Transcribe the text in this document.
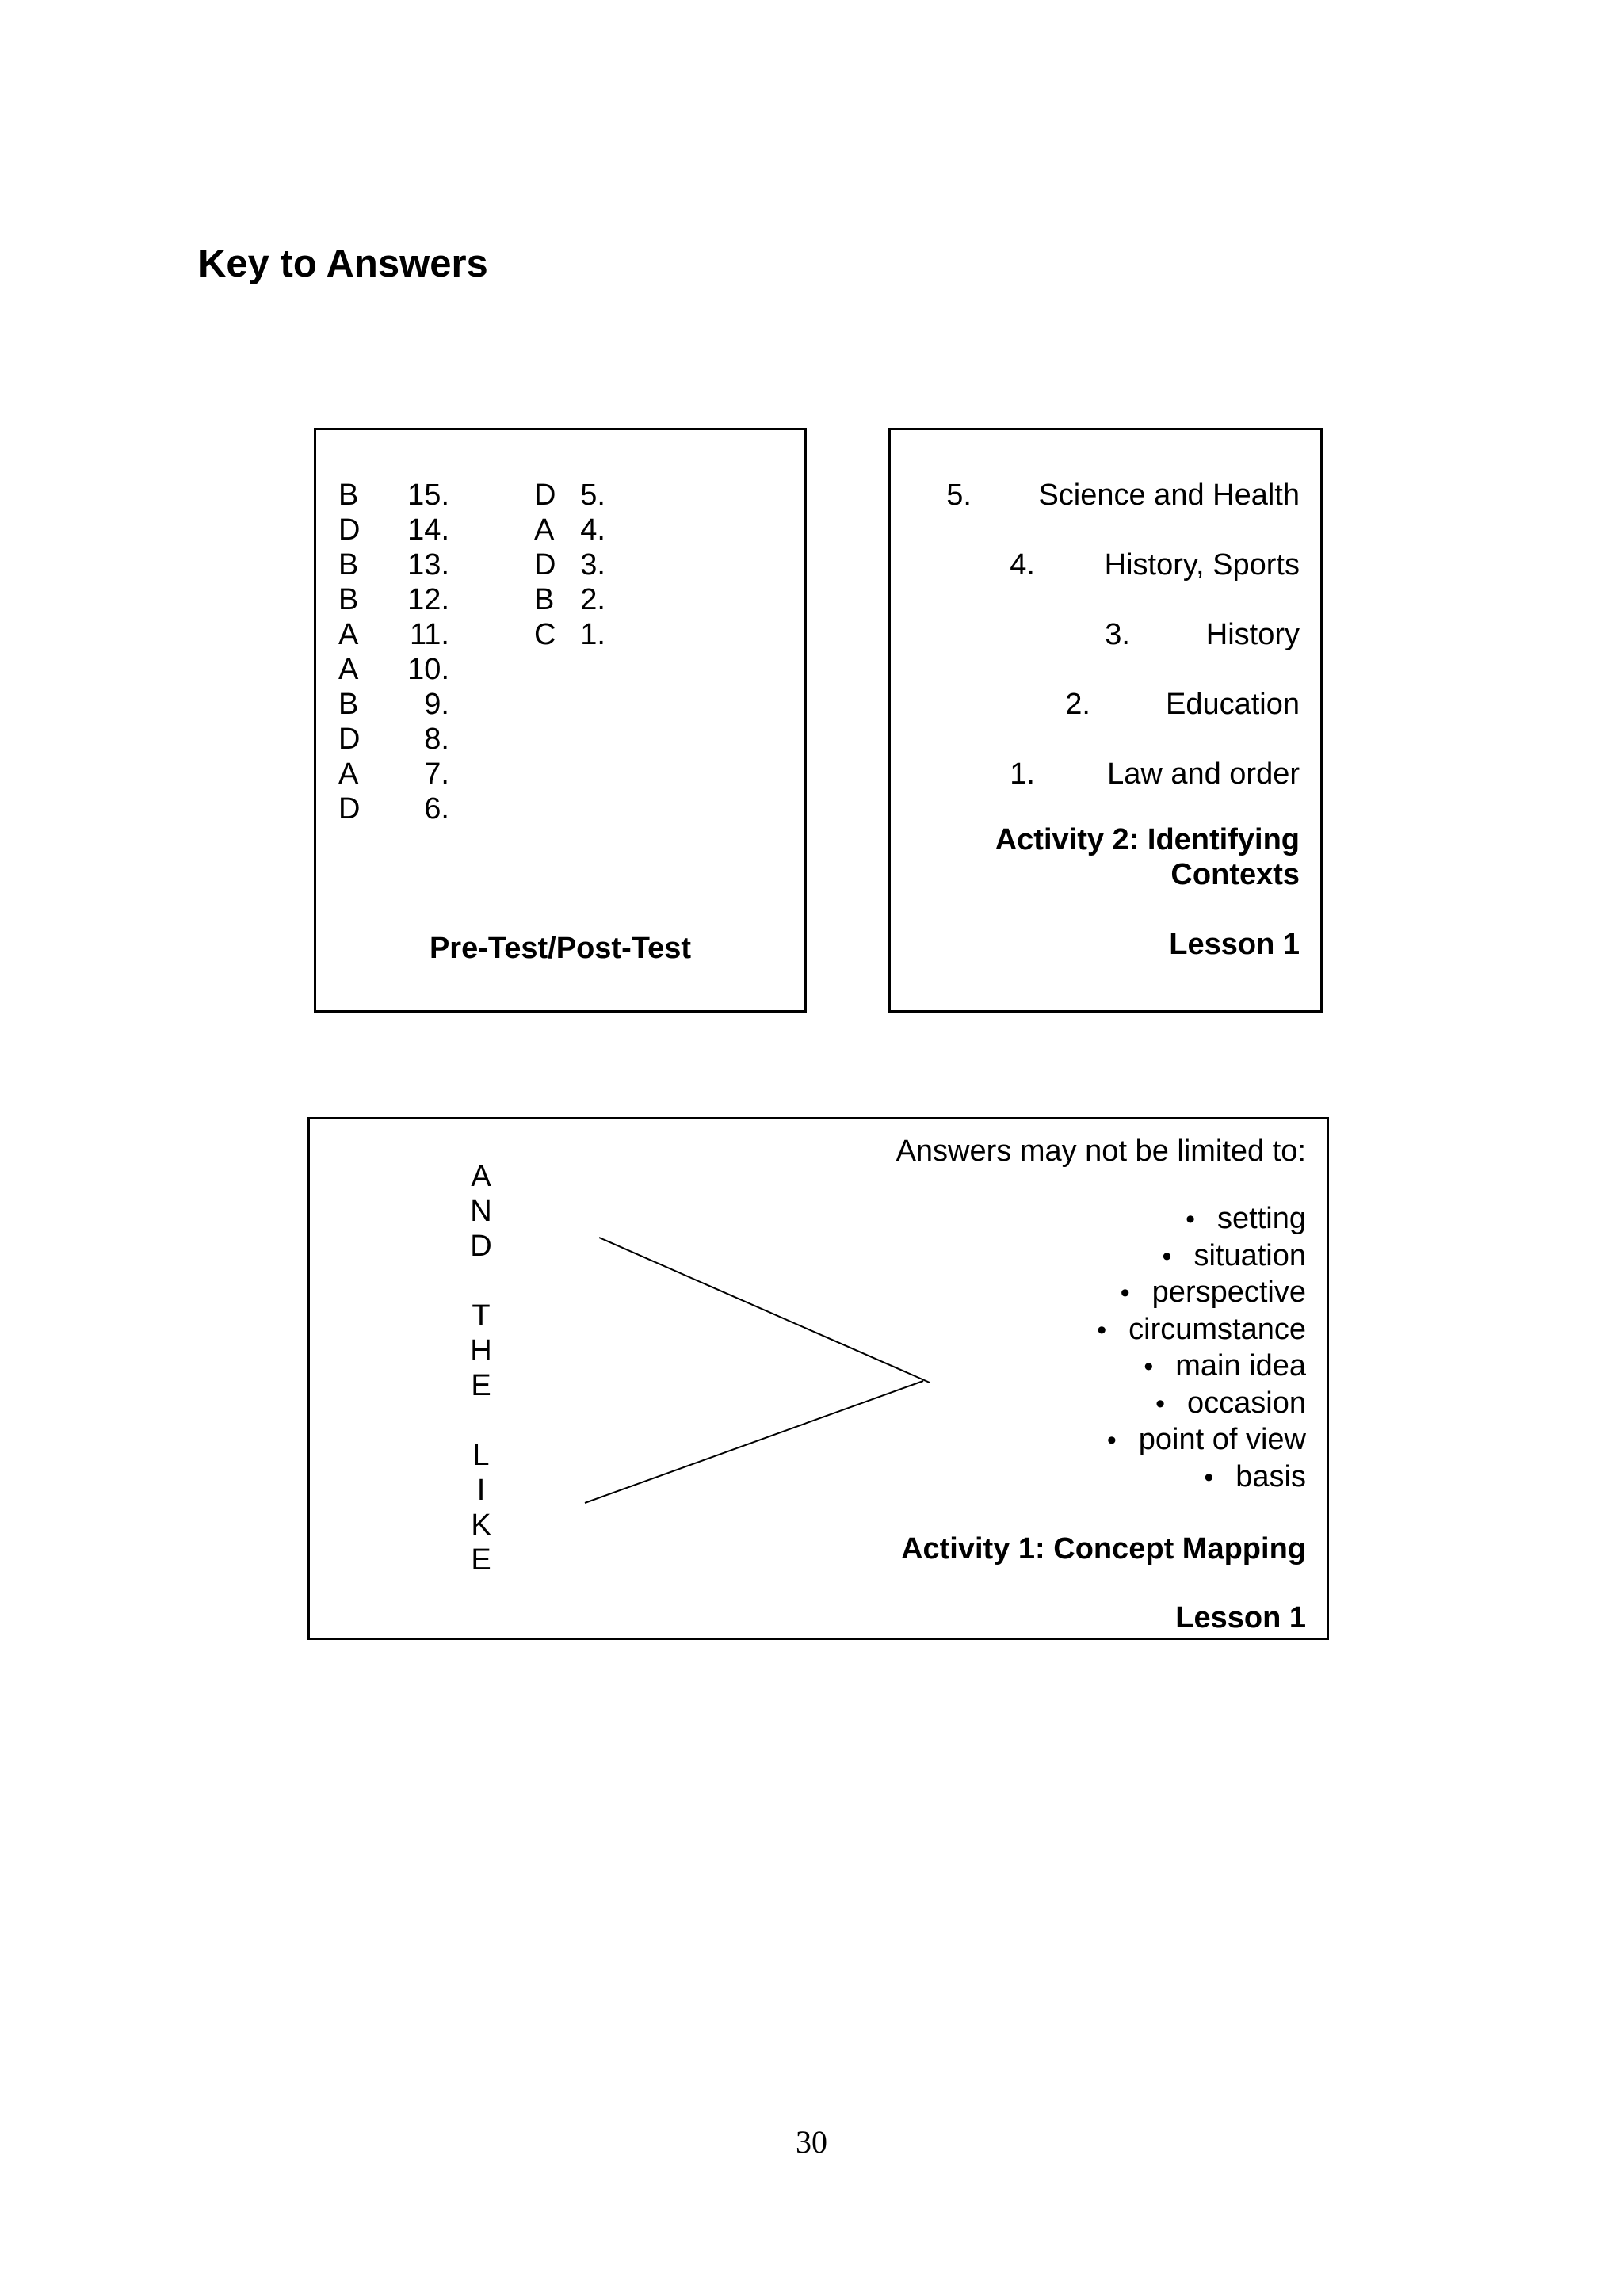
Key to Answers
B 15.
D 14.
B 13.
B 12.
A 11.
A 10.
B 9.
D 8.
A 7.
D 6.
D 5.
A 4.
D 3.
B 2.
C 1.
Pre-Test/Post-Test
5. Science and Health
4. History, Sports
3.	History
2. Education
1. Law and order
Activity 2: Identifying
Contexts
Lesson 1
A
N
D
T
H
E
L
I
K
E
Answers may not be limited to:
• setting
• situation
• perspective
• circumstance
• main idea
• occasion
• point of view
• basis
Activity 1: Concept Mapping
Lesson 1
30
